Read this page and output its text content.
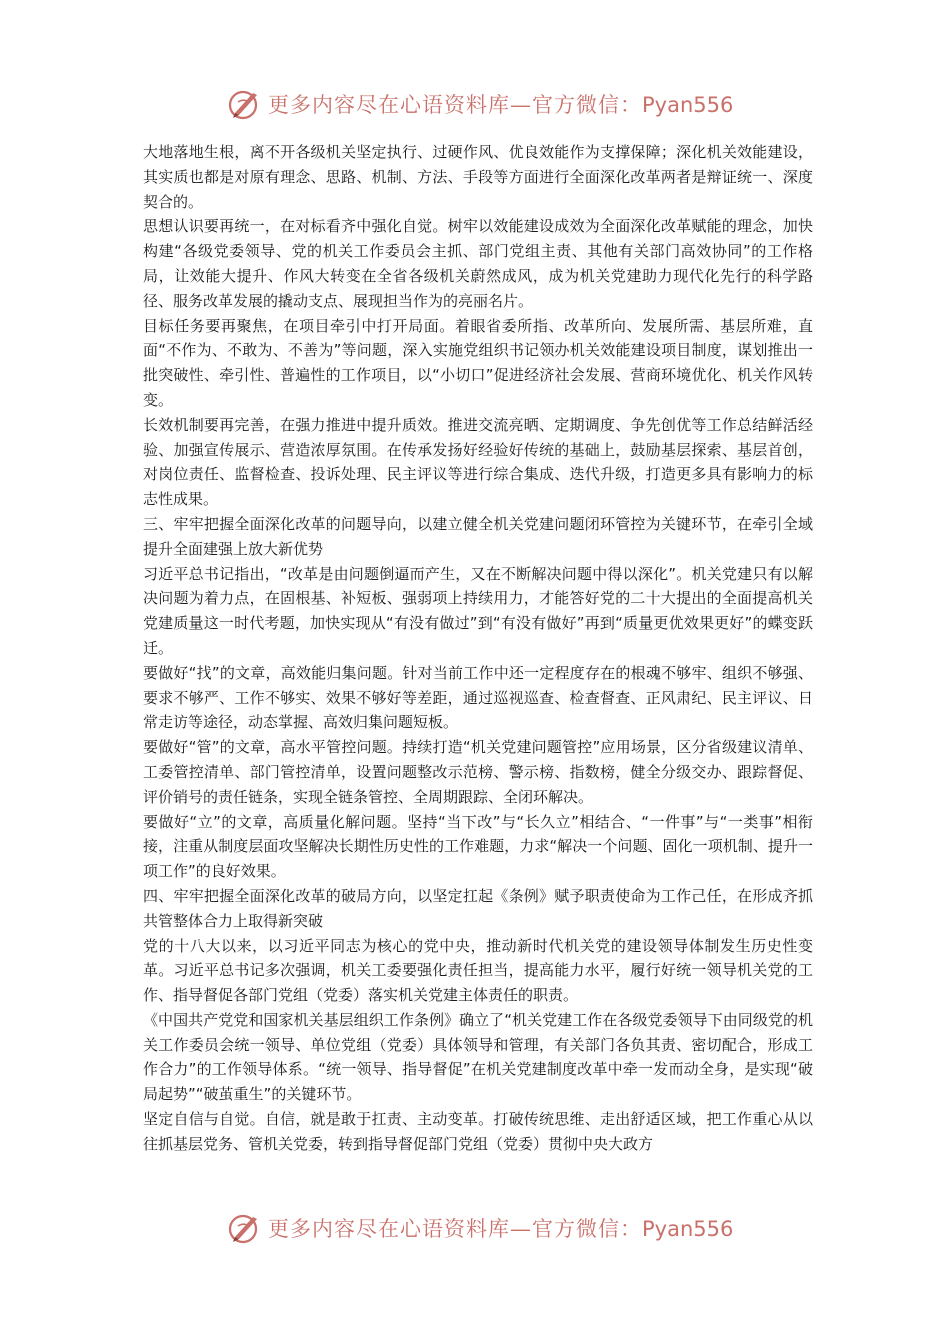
更多内容尽在心语资料库—官方微信：Pyan556

大地落地生根，离不开各级机关坚定执行、过硬作风、优良效能作为支撑保障；深化机关效能建设，其实质也都是对原有理念、思路、机制、方法、手段等方面进行全面深化改革两者是辩证统一、深度契合的。

思想认识要再统一，在对标看齐中强化自觉。树牢以效能建设成效为全面深化改革赋能的理念，加快构建“各级党委领导、党的机关工作委员会主抓、部门党组主责、其他有关部门高效协同”的工作格局，让效能大提升、作风大转变在全省各级机关蔚然成风，成为机关党建助力现代化先行的科学路径、服务改革发展的撬动支点、展现担当作为的亮丽名片。

目标任务要再聚焦，在项目牵引中打开局面。着眼省委所指、改革所向、发展所需、基层所难，直面“不作为、不敢为、不善为”等问题，深入实施党组织书记领办机关效能建设项目制度，谋划推出一批突破性、牵引性、普遍性的工作项目，以“小切口”促进经济社会发展、营商环境优化、机关作风转变。

长效机制要再完善，在强力推进中提升质效。推进交流亮晒、定期调度、争先创优等工作总结鲜活经验、加强宣传展示、营造浓厚氛围。在传承发扬好经验好传统的基础上，鼓励基层探索、基层首创，对岗位责任、监督检查、投诉处理、民主评议等进行综合集成、迭代升级，打造更多具有影响力的标志性成果。

三、牢牢把握全面深化改革的问题导向，以建立健全机关党建问题闭环管控为关键环节，在牵引全域提升全面建强上放大新优势

习近平总书记指出，“改革是由问题倒逼而产生，又在不断解决问题中得以深化”。机关党建只有以解决问题为着力点，在固根基、补短板、强弱项上持续用力，才能答好党的二十大提出的全面提高机关党建质量这一时代考题，加快实现从“有没有做过”到“有没有做好”再到“质量更优效果更好”的蝶变跃迁。

要做好“找”的文章，高效能归集问题。针对当前工作中还一定程度存在的根魂不够牢、组织不够强、要求不够严、工作不够实、效果不够好等差距，通过巡视巡查、检查督查、正风肃纪、民主评议、日常走访等途径，动态掌握、高效归集问题短板。

要做好“管”的文章，高水平管控问题。持续打造“机关党建问题管控”应用场景，区分省级建议清单、工委管控清单、部门管控清单，设置问题整改示范榜、警示榜、指数榜，健全分级交办、跟踪督促、评价销号的责任链条，实现全链条管控、全周期跟踪、全闭环解决。

要做好“立”的文章，高质量化解问题。坚持“当下改”与“长久立”相结合、“一件事”与“一类事”相衔接，注重从制度层面攻坚解决长期性历史性的工作难题，力求“解决一个问题、固化一项机制、提升一项工作”的良好效果。

四、牢牢把握全面深化改革的破局方向，以坚定扛起《条例》赋予职责使命为工作己任，在形成齐抓共管整体合力上取得新突破

党的十八大以来，以习近平同志为核心的党中央，推动新时代机关党的建设领导体制发生历史性变革。习近平总书记多次强调，机关工委要强化责任担当，提高能力水平，履行好统一领导机关党的工作、指导督促各部门党组（党委）落实机关党建主体责任的职责。

《中国共产党党和国家机关基层组织工作条例》确立了“机关党建工作在各级党委领导下由同级党的机关工作委员会统一领导、单位党组（党委）具体领导和管理，有关部门各负其责、密切配合，形成工作合力”的工作领导体系。“统一领导、指导督促”在机关党建制度改革中牵一发而动全身，是实现“破局起势”“破茧重生”的关键环节。

坚定自信与自觉。自信，就是敢于扛责、主动变革。打破传统思维、走出舒适区域，把工作重心从以往抓基层党务、管机关党委，转到指导督促部门党组（党委）贯彻中央大政方

更多内容尽在心语资料库—官方微信：Pyan556
